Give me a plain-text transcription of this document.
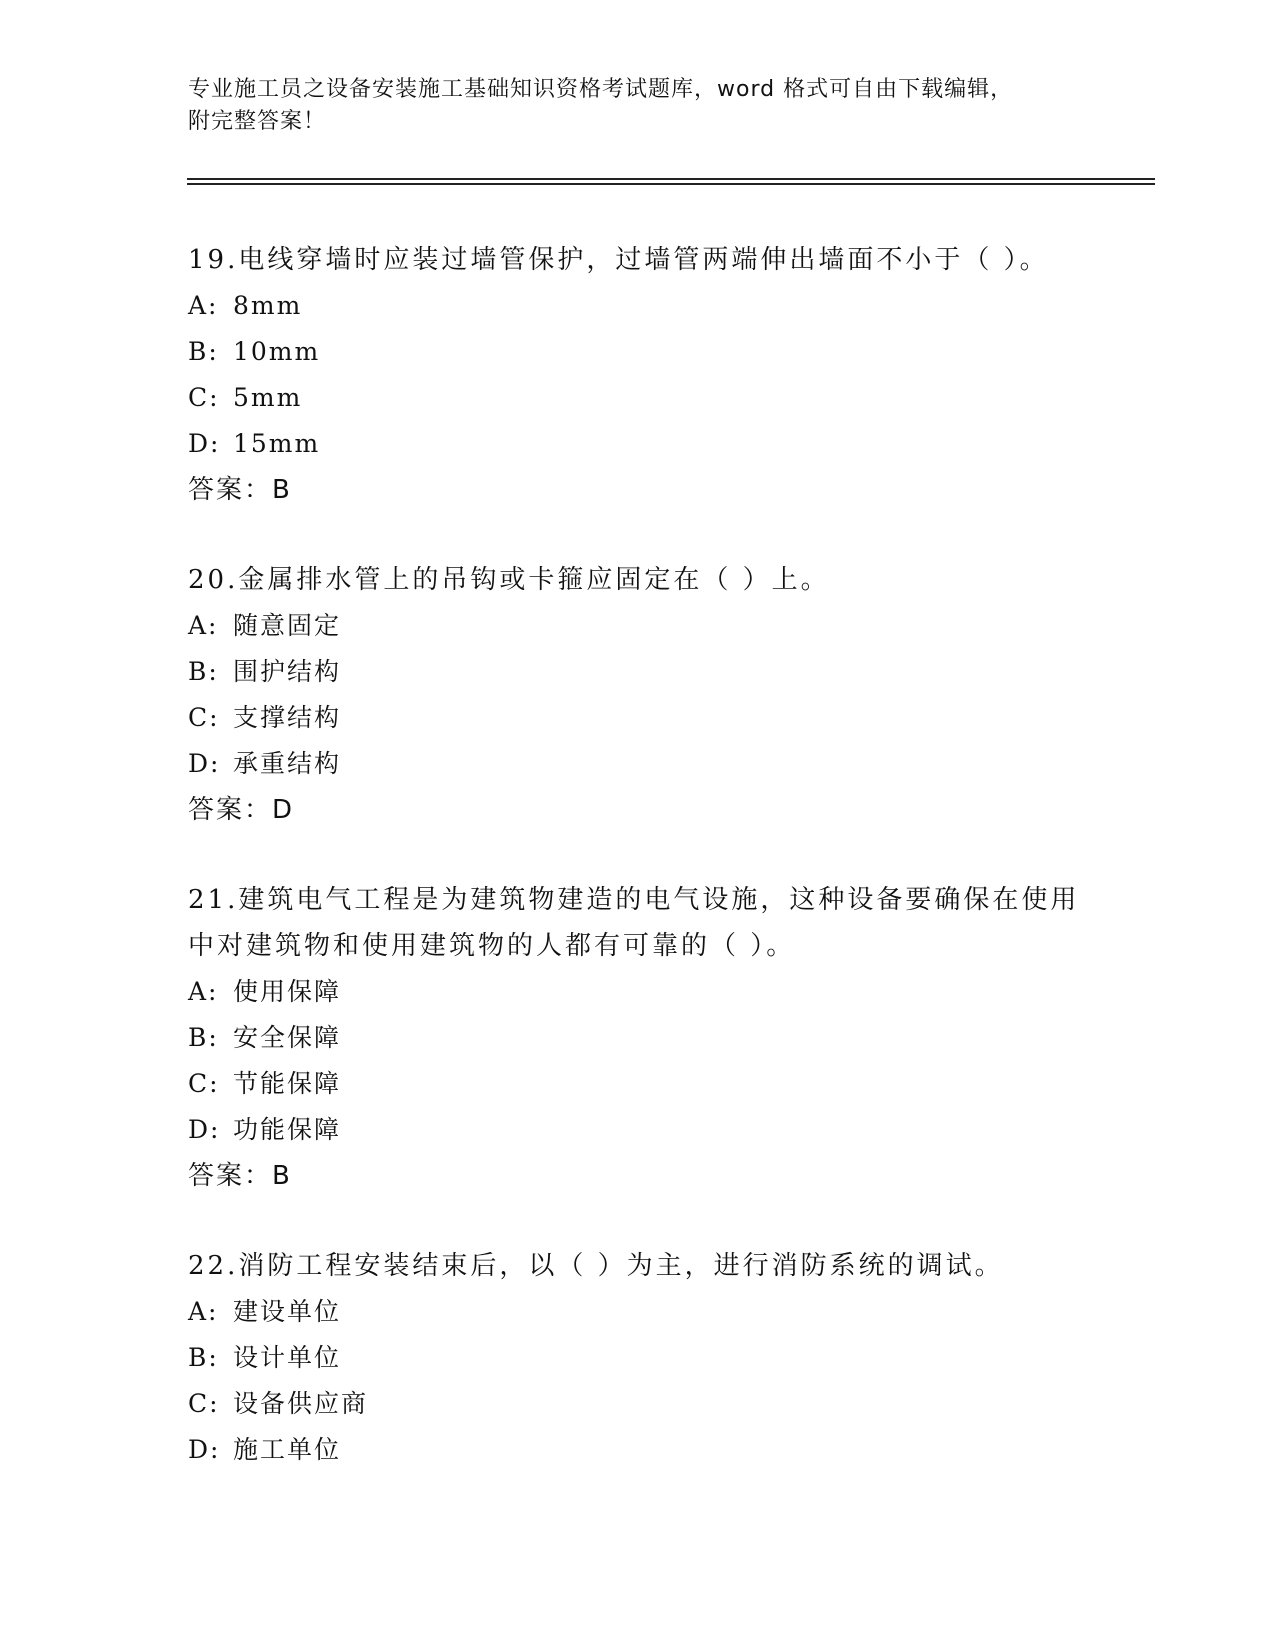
专业施工员之设备安装施工基础知识资格考试题库，word 格式可自由下载编辑，
附完整答案！

19.电线穿墙时应装过墙管保护，过墙管两端伸出墙面不小于（ ）。

A: 8mm
B: 10mm
C: 5mm
D: 15mm
答案：B

20.金属排水管上的吊钩或卡箍应固定在（ ）上。

A: 随意固定
B: 围护结构
C: 支撑结构
D: 承重结构
答案：D

21.建筑电气工程是为建筑物建造的电气设施，这种设备要确保在使用中对建筑物和使用建筑物的人都有可靠的（ ）。

A: 使用保障
B: 安全保障
C: 节能保障
D: 功能保障
答案：B

22.消防工程安装结束后，以（ ）为主，进行消防系统的调试。

A: 建设单位
B: 设计单位
C: 设备供应商
D: 施工单位
